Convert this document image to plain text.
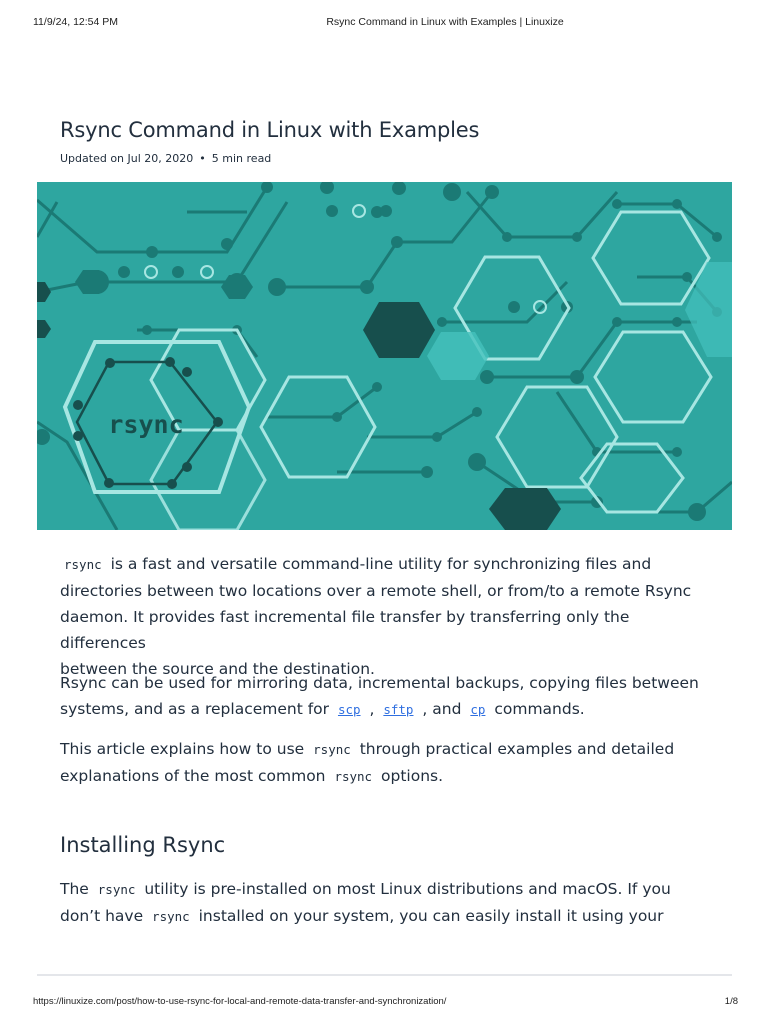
11/9/24, 12:54 PM	Rsync Command in Linux with Examples | Linuxize
Rsync Command in Linux with Examples
Updated on Jul 20, 2020 • 5 min read
rsync

rsync is a fast and versatile command-line utility for synchronizing files and
directories between two locations over a remote shell, or from/to a remote Rsync
daemon. It provides fast incremental file transfer by transferring only the differences
between the source and the destination.

Rsync can be used for mirroring data, incremental backups, copying files between
systems, and as a replacement for scp , sftp , and cp commands.

This article explains how to use rsync through practical examples and detailed
explanations of the most common rsync options.

Installing Rsync

The rsync utility is pre-installed on most Linux distributions and macOS. If you
don’t have rsync installed on your system, you can easily install it using your

https://linuxize.com/post/how-to-use-rsync-for-local-and-remote-data-transfer-and-synchronization/	1/8
